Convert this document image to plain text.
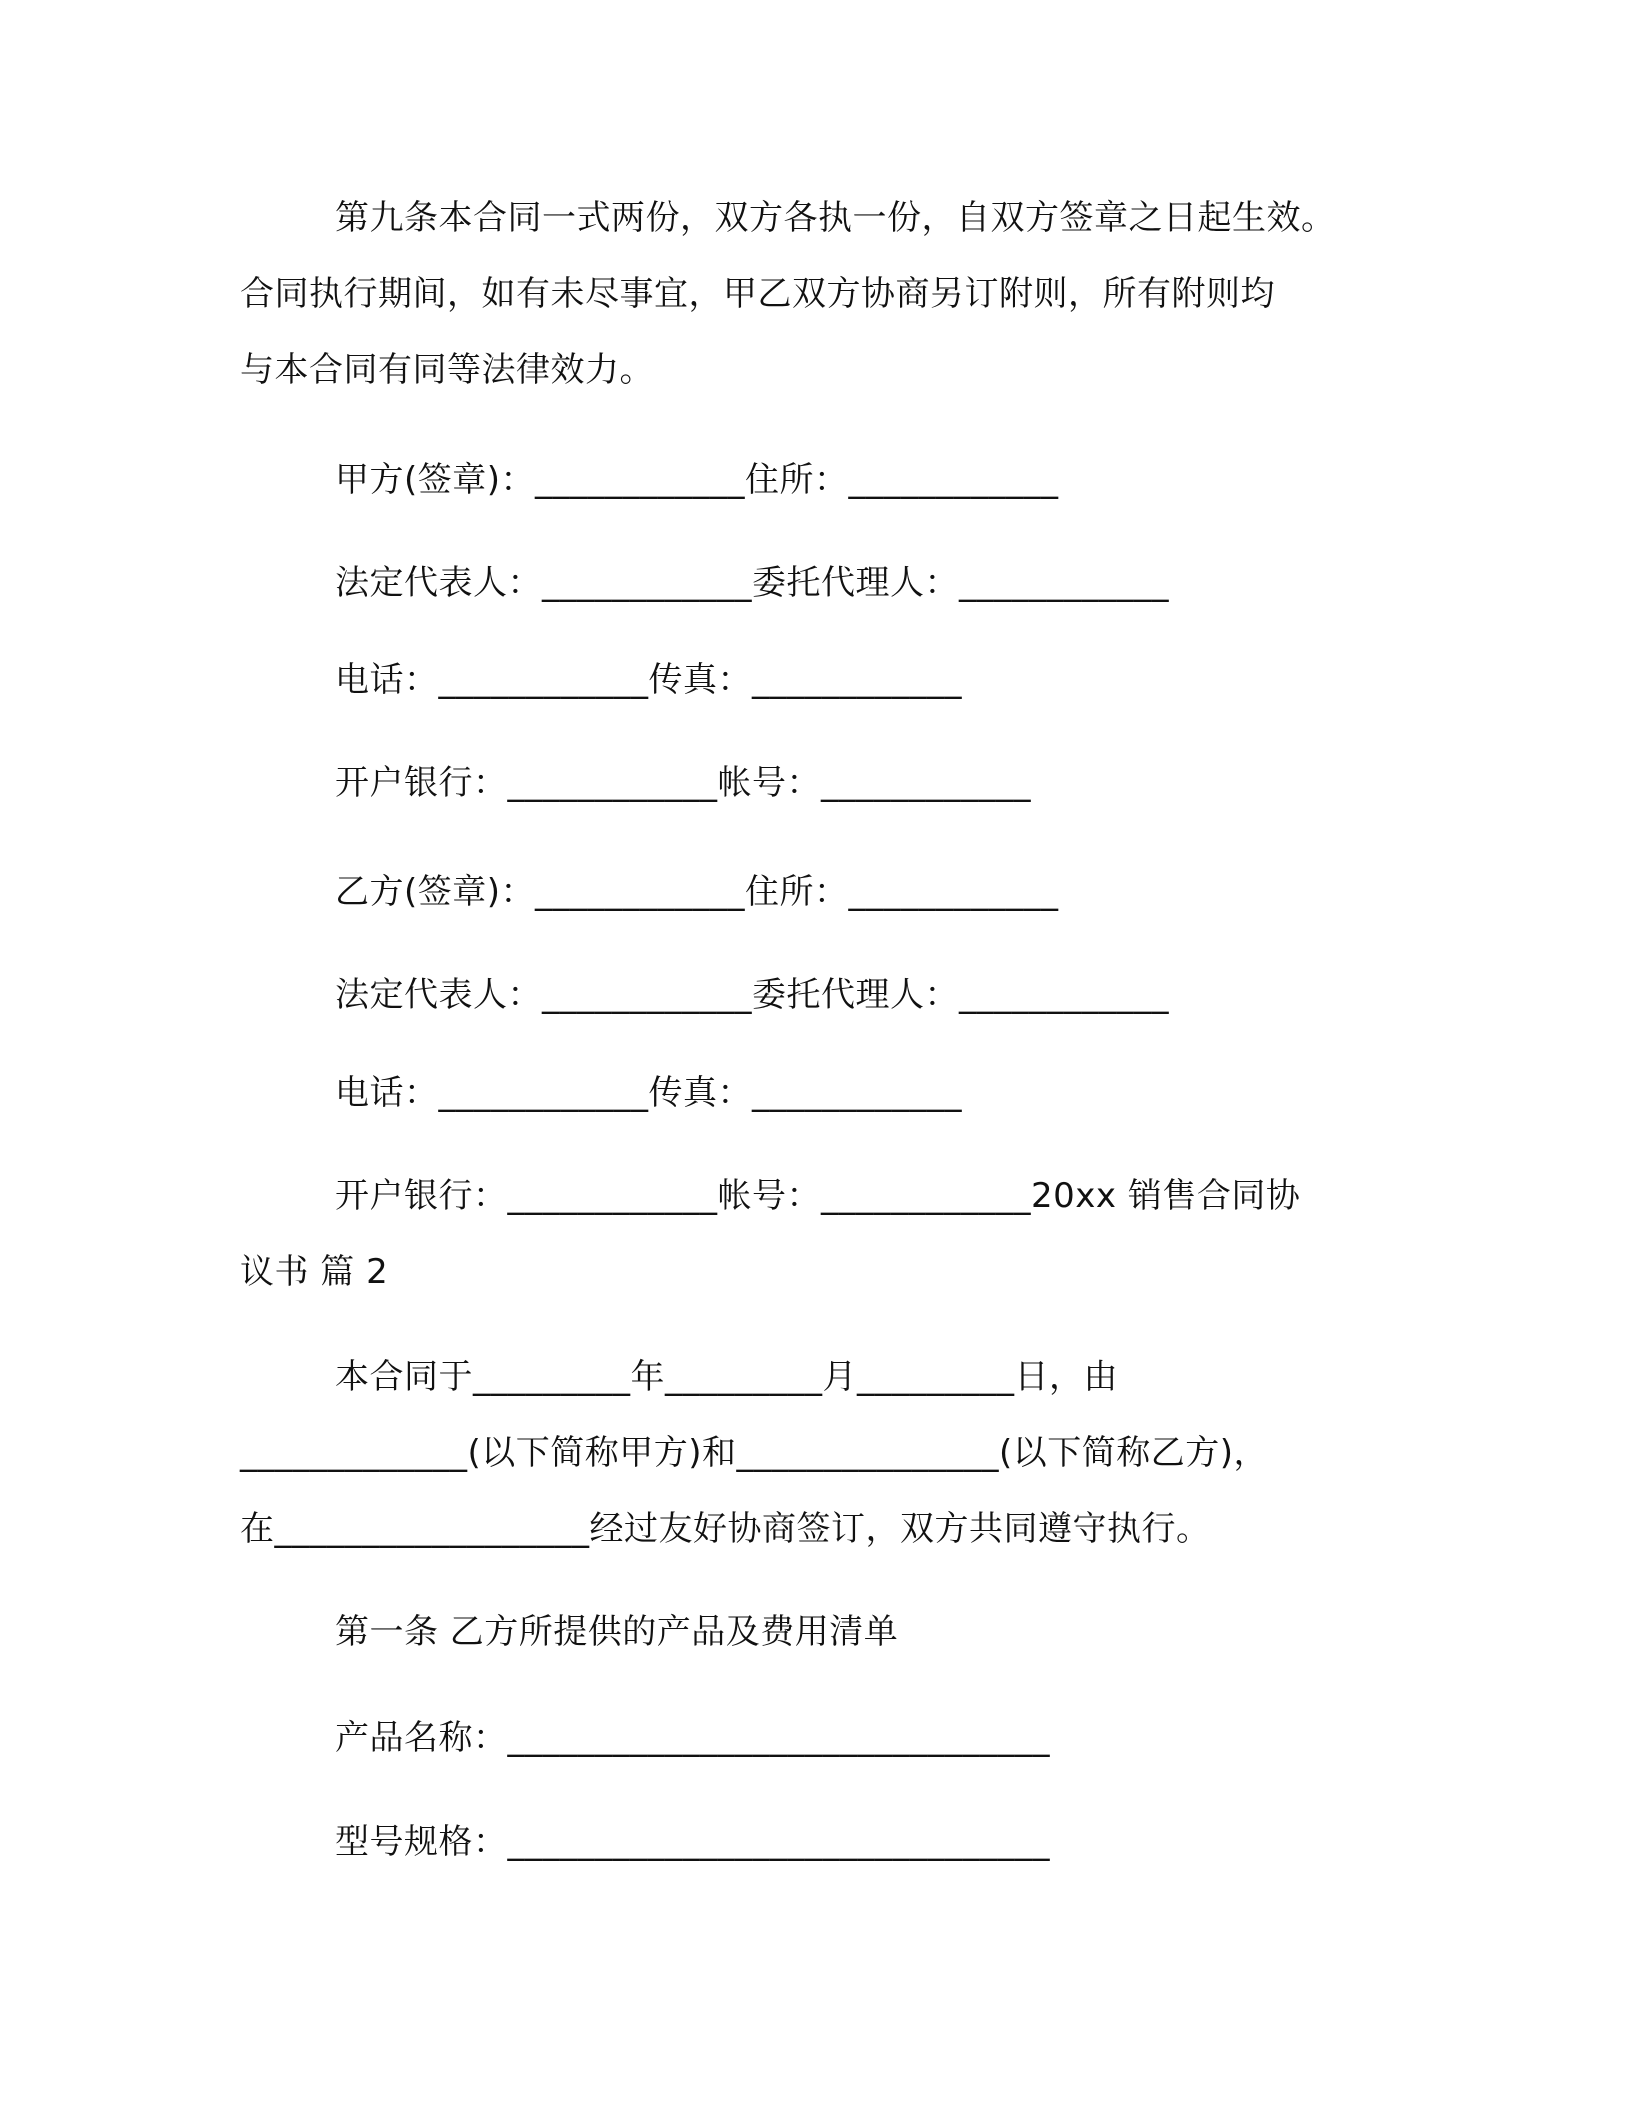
第九条本合同一式两份，双方各执一份，自双方签章之日起生效。
合同执行期间，如有未尽事宜，甲乙双方协商另订附则，所有附则均
与本合同有同等法律效力。
甲方(签章)：____________住所：____________
法定代表人：____________委托代理人：____________
电话：____________传真：____________
开户银行：____________帐号：____________
乙方(签章)：____________住所：____________
法定代表人：____________委托代理人：____________
电话：____________传真：____________
开户银行：____________帐号：____________20xx 销售合同协
议书 篇 2
本合同于_________年_________月_________日，由
_____________(以下简称甲方)和_______________(以下简称乙方)，
在__________________经过友好协商签订，双方共同遵守执行。
第一条 乙方所提供的产品及费用清单
产品名称：_______________________________
型号规格：_______________________________
